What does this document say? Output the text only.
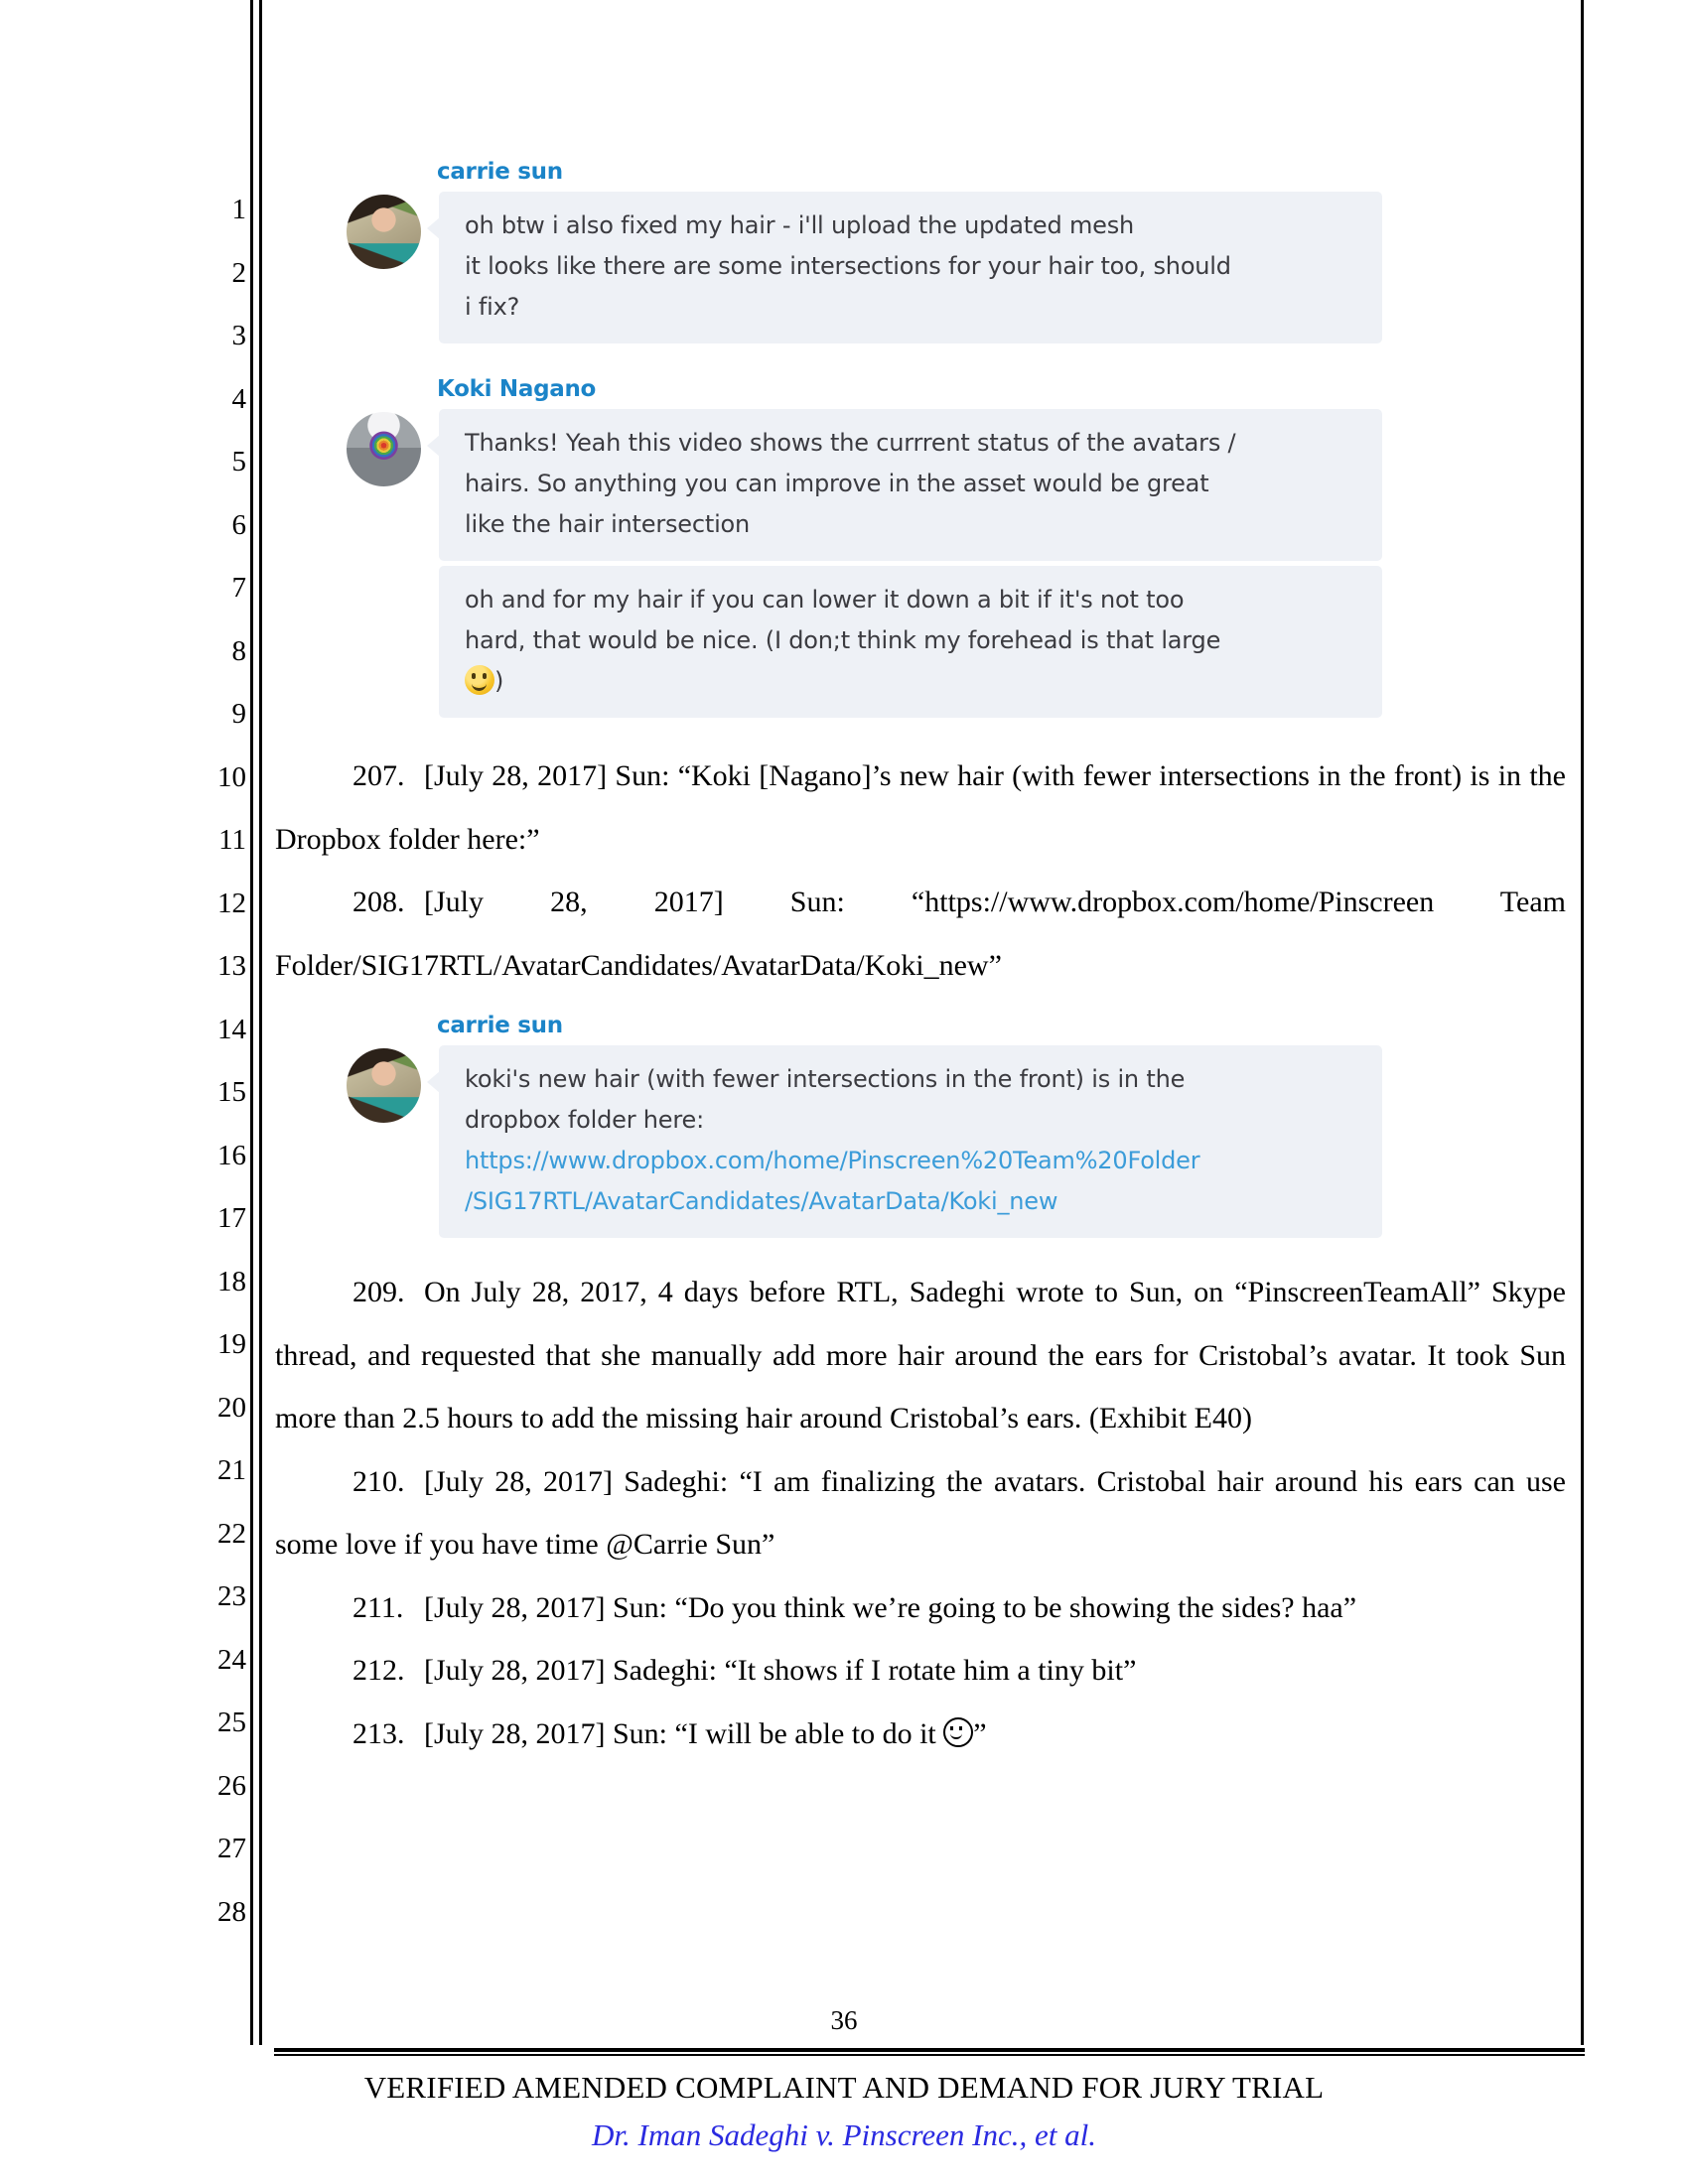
1
2
3
4
5
6
7
8
9
10
11
12
13
14
15
16
17
18
19
20
21
22
23
24
25
26
27
28
carrie sun
oh btw i also fixed my hair - i'll upload the updated mesh
it looks like there are some intersections for your hair too, should
i fix?
Koki Nagano
Thanks! Yeah this video shows the currrent status of the avatars /
hairs. So anything you can improve in the asset would be great
like the hair intersection
oh and for my hair if you can lower it down a bit if it's not too
hard, that would be nice. (I don;t think my forehead is that large
)

207. [July 28, 2017] Sun: “Koki [Nagano]’s new hair (with fewer intersections in the front) is in the Dropbox folder here:”

208. [July 28, 2017] Sun: “https://www.dropbox.com/home/Pinscreen Team Folder/SIG17RTL/AvatarCandidates/AvatarData/Koki_new”

carrie sun
koki's new hair (with fewer intersections in the front) is in the
dropbox folder here:
https://www.dropbox.com/home/Pinscreen%20Team%20Folder
/SIG17RTL/AvatarCandidates/AvatarData/Koki_new

209. On July 28, 2017, 4 days before RTL, Sadeghi wrote to Sun, on “PinscreenTeamAll” Skype thread, and requested that she manually add more hair around the ears for Cristobal’s avatar. It took Sun more than 2.5 hours to add the missing hair around Cristobal’s ears. (Exhibit E40)

210. [July 28, 2017] Sadeghi: “I am finalizing the avatars. Cristobal hair around his ears can use some love if you have time @Carrie Sun”

211. [July 28, 2017] Sun: “Do you think we’re going to be showing the sides? haa”

212. [July 28, 2017] Sadeghi: “It shows if I rotate him a tiny bit”

213. [July 28, 2017] Sun: “I will be able to do it ”

36
VERIFIED AMENDED COMPLAINT AND DEMAND FOR JURY TRIAL
Dr. Iman Sadeghi v. Pinscreen Inc., et al.
